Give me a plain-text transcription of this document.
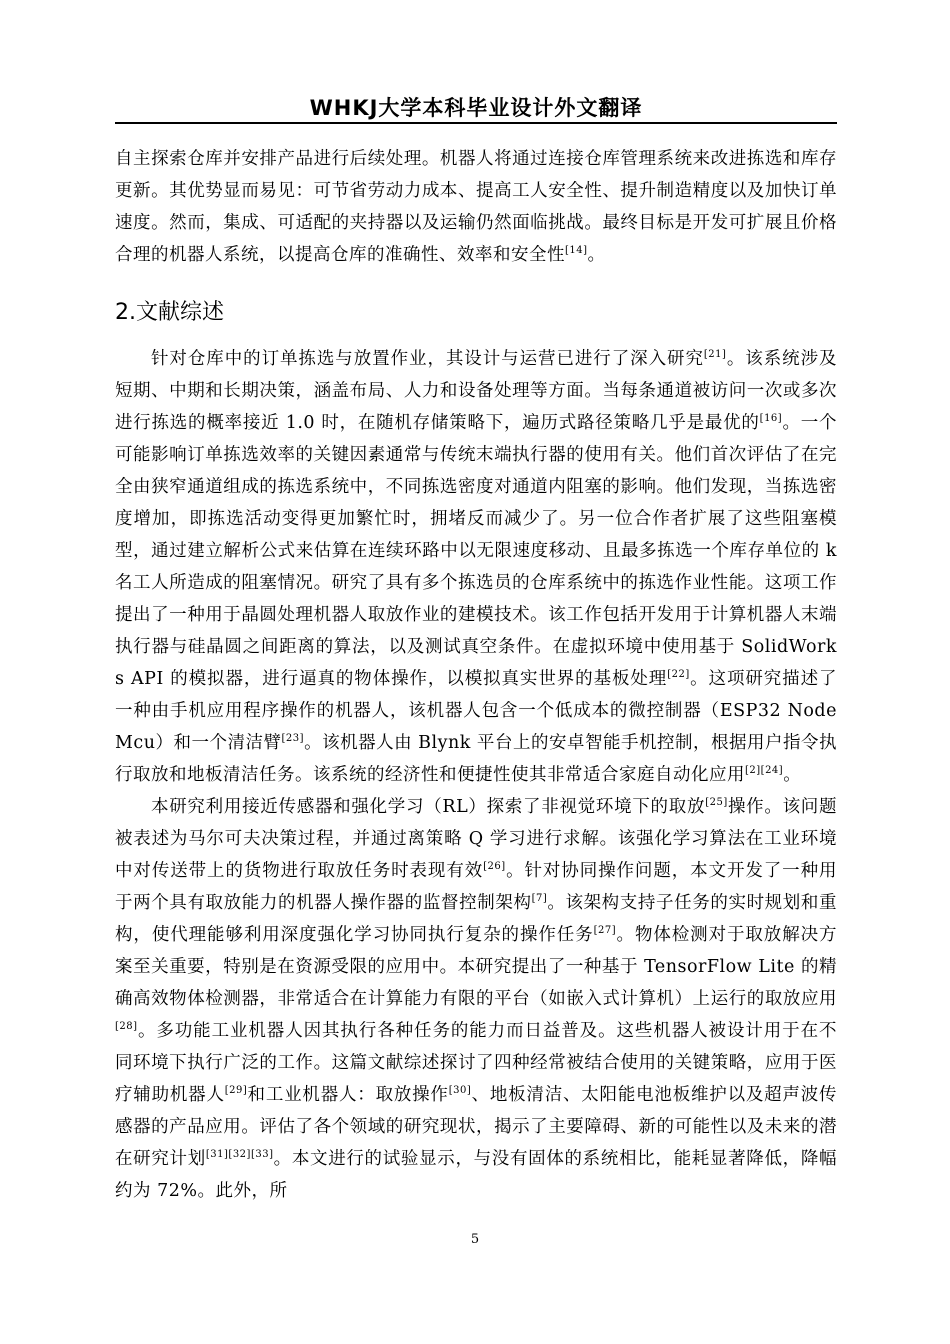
WHKJ大学本科毕业设计外文翻译

自主探索仓库并安排产品进行后续处理。机器人将通过连接仓库管理系统来改进拣选和库存更新。其优势显而易见：可节省劳动力成本、提高工人安全性、提升制造精度以及加快订单速度。然而，集成、可适配的夹持器以及运输仍然面临挑战。最终目标是开发可扩展且价格合理的机器人系统，以提高仓库的准确性、效率和安全性[14]。

2.文献综述

针对仓库中的订单拣选与放置作业，其设计与运营已进行了深入研究[21]。该系统涉及短期、中期和长期决策，涵盖布局、人力和设备处理等方面。当每条通道被访问一次或多次进行拣选的概率接近 1.0 时，在随机存储策略下，遍历式路径策略几乎是最优的[16]。一个可能影响订单拣选效率的关键因素通常与传统末端执行器的使用有关。他们首次评估了在完全由狭窄通道组成的拣选系统中，不同拣选密度对通道内阻塞的影响。他们发现，当拣选密度增加，即拣选活动变得更加繁忙时，拥堵反而减少了。另一位合作者扩展了这些阻塞模型，通过建立解析公式来估算在连续环路中以无限速度移动、且最多拣选一个库存单位的 k 名工人所造成的阻塞情况。研究了具有多个拣选员的仓库系统中的拣选作业性能。这项工作提出了一种用于晶圆处理机器人取放作业的建模技术。该工作包括开发用于计算机器人末端执行器与硅晶圆之间距离的算法，以及测试真空条件。在虚拟环境中使用基于 SolidWorks API 的模拟器，进行逼真的物体操作，以模拟真实世界的基板处理[22]。这项研究描述了一种由手机应用程序操作的机器人，该机器人包含一个低成本的微控制器（ESP32 Node Mcu）和一个清洁臂[23]。该机器人由 Blynk 平台上的安卓智能手机控制，根据用户指令执行取放和地板清洁任务。该系统的经济性和便捷性使其非常适合家庭自动化应用[2][24]。

本研究利用接近传感器和强化学习（RL）探索了非视觉环境下的取放[25]操作。该问题被表述为马尔可夫决策过程，并通过离策略 Q 学习进行求解。该强化学习算法在工业环境中对传送带上的货物进行取放任务时表现有效[26]。针对协同操作问题，本文开发了一种用于两个具有取放能力的机器人操作器的监督控制架构[7]。该架构支持子任务的实时规划和重构，使代理能够利用深度强化学习协同执行复杂的操作任务[27]。物体检测对于取放解决方案至关重要，特别是在资源受限的应用中。本研究提出了一种基于 TensorFlow Lite 的精确高效物体检测器，非常适合在计算能力有限的平台（如嵌入式计算机）上运行的取放应用[28]。多功能工业机器人因其执行各种任务的能力而日益普及。这些机器人被设计用于在不同环境下执行广泛的工作。这篇文献综述探讨了四种经常被结合使用的关键策略，应用于医疗辅助机器人[29]和工业机器人：取放操作[30]、地板清洁、太阳能电池板维护以及超声波传感器的产品应用。评估了各个领域的研究现状，揭示了主要障碍、新的可能性以及未来的潜在研究计划[31][32][33]。本文进行的试验显示，与没有固体的系统相比，能耗显著降低，降幅约为 72%。此外，所

5
